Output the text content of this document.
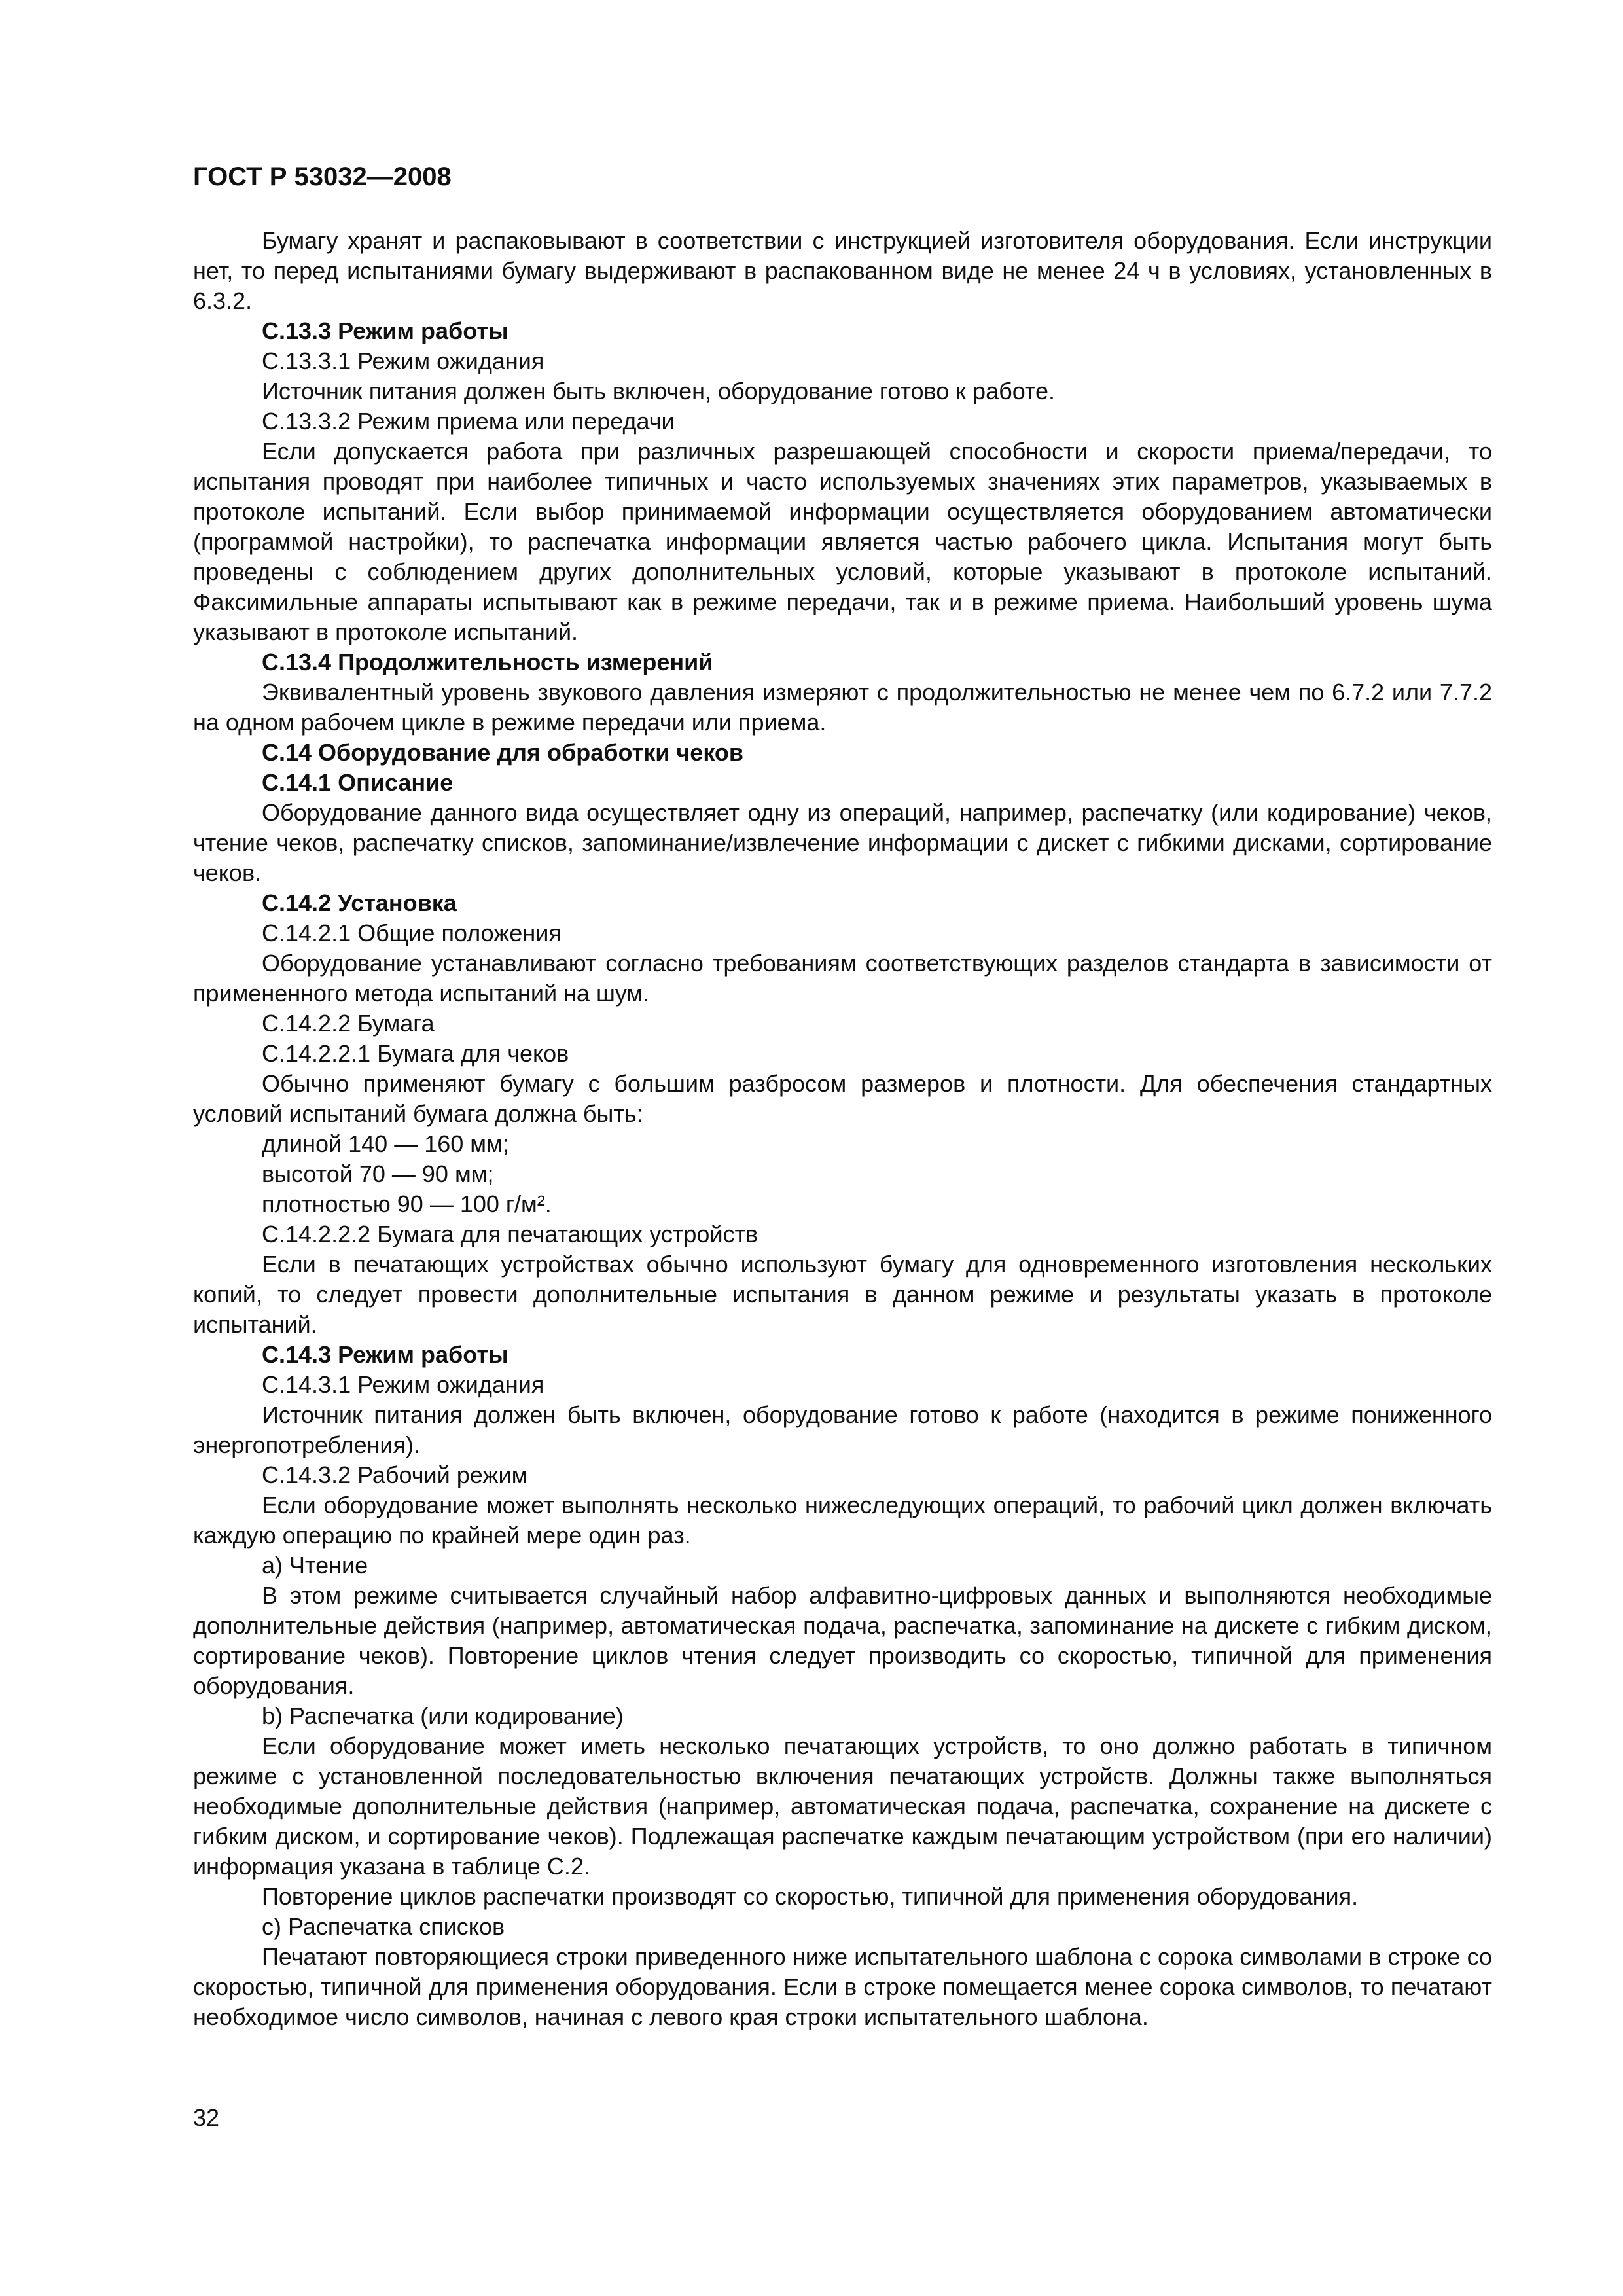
ГОСТ Р 53032—2008

Бумагу хранят и распаковывают в соответствии с инструкцией изготовителя оборудования. Если инструкции нет, то перед испытаниями бумагу выдерживают в распакованном виде не менее 24 ч в условиях, установленных в 6.3.2.

С.13.3 Режим работы

С.13.3.1 Режим ожидания

Источник питания должен быть включен, оборудование готово к работе.

С.13.3.2 Режим приема или передачи

Если допускается работа при различных разрешающей способности и скорости приема/передачи, то испытания проводят при наиболее типичных и часто используемых значениях этих параметров, указываемых в протоколе испытаний. Если выбор принимаемой информации осуществляется оборудованием автоматически (программой настройки), то распечатка информации является частью рабочего цикла. Испытания могут быть проведены с соблюдением других дополнительных условий, которые указывают в протоколе испытаний. Факсимильные аппараты испытывают как в режиме передачи, так и в режиме приема. Наибольший уровень шума указывают в протоколе испытаний.

С.13.4 Продолжительность измерений

Эквивалентный уровень звукового давления измеряют с продолжительностью не менее чем по 6.7.2 или 7.7.2 на одном рабочем цикле в режиме передачи или приема.

С.14 Оборудование для обработки чеков

С.14.1 Описание

Оборудование данного вида осуществляет одну из операций, например, распечатку (или кодирование) чеков, чтение чеков, распечатку списков, запоминание/извлечение информации с дискет с гибкими дисками, сортирование чеков.

С.14.2 Установка

С.14.2.1 Общие положения

Оборудование устанавливают согласно требованиям соответствующих разделов стандарта в зависимости от примененного метода испытаний на шум.

С.14.2.2 Бумага

С.14.2.2.1 Бумага для чеков

Обычно применяют бумагу с большим разбросом размеров и плотности. Для обеспечения стандартных условий испытаний бумага должна быть:

длиной 140 — 160 мм;

высотой 70 — 90 мм;

плотностью 90 — 100 г/м².

С.14.2.2.2 Бумага для печатающих устройств

Если в печатающих устройствах обычно используют бумагу для одновременного изготовления нескольких копий, то следует провести дополнительные испытания в данном режиме и результаты указать в протоколе испытаний.

С.14.3 Режим работы

С.14.3.1 Режим ожидания

Источник питания должен быть включен, оборудование готово к работе (находится в режиме пониженного энергопотребления).

С.14.3.2 Рабочий режим

Если оборудование может выполнять несколько нижеследующих операций, то рабочий цикл должен включать каждую операцию по крайней мере один раз.

а) Чтение

В этом режиме считывается случайный набор алфавитно-цифровых данных и выполняются необходимые дополнительные действия (например, автоматическая подача, распечатка, запоминание на дискете с гибким диском, сортирование чеков). Повторение циклов чтения следует производить со скоростью, типичной для применения оборудования.

b) Распечатка (или кодирование)

Если оборудование может иметь несколько печатающих устройств, то оно должно работать в типичном режиме с установленной последовательностью включения печатающих устройств. Должны также выполняться необходимые дополнительные действия (например, автоматическая подача, распечатка, сохранение на дискете с гибким диском, и сортирование чеков). Подлежащая распечатке каждым печатающим устройством (при его наличии) информация указана в таблице С.2.

Повторение циклов распечатки производят со скоростью, типичной для применения оборудования.

с) Распечатка списков

Печатают повторяющиеся строки приведенного ниже испытательного шаблона с сорока символами в строке со скоростью, типичной для применения оборудования. Если в строке помещается менее сорока символов, то печатают необходимое число символов, начиная с левого края строки испытательного шаблона.

32
